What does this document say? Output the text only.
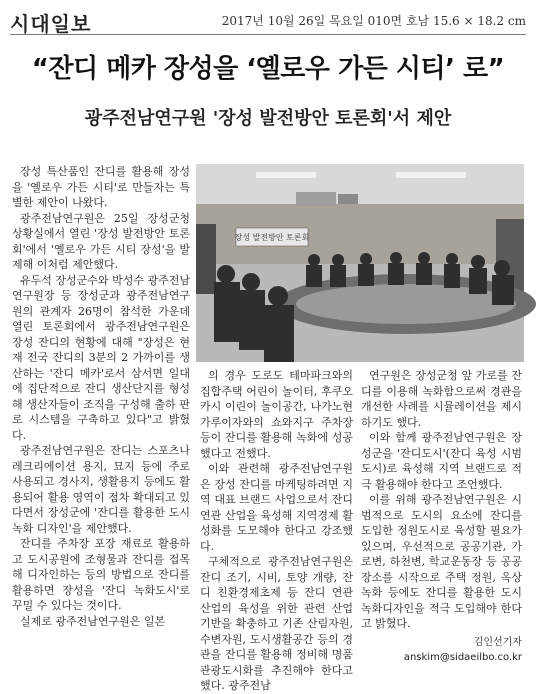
시대일보	2017년 10월 26일 목요일 010면 호남 15.6 × 18.2 cm
“잔디 메카 장성을 ‘옐로우 가든 시티’ 로”
광주전남연구원 '장성 발전방안 토론회'서 제안

장성 특산품인 잔디를 활용해 장성을 '옐로우 가든 시티'로 만들자는 특별한 제안이 나왔다.

광주전남연구원은 25일 장성군청 상황실에서 열린 '장성 발전방안 토론회'에서 '옐로우 가든 시티 장성'을 발제해 이처럼 제안했다.

유두석 장성군수와 박성수 광주전남연구원장 등 장성군과 광주전남연구원의 관계자 26명이 참석한 가운데 열린 토론회에서 광주전남연구원은 장성 잔디의 현황에 대해 "장성은 현재 전국 잔디의 3분의 2 가까이를 생산하는 '잔디 메카'로서 삼서면 일대에 집단적으로 잔디 생산단지를 형성해 생산자들이 조직을 구성해 출하 판로 시스템을 구축하고 있다"고 밝혔다.

광주전남연구원은 잔디는 스포츠나 레크리에이션 용지, 묘지 등에 주로 사용되고 경사지, 생활용지 등에도 활용되어 활용 영역이 점차 확대되고 있다면서 장성군에 '잔디를 활용한 도시 녹화 디자인'을 제안했다.

잔디를 주차장 포장 재료로 활용하고 도시공원에 조형물과 잔디를 접목해 디자인하는 등의 방법으로 잔디를 활용하면 장성을 '잔디 녹화도시'로 꾸밀 수 있다는 것이다.

실제로 광주전남연구원은 일본

장성 발전방안 토론회

의 경우 도로도 테마파크와의 집합주택 어린이 놀이터, 후쿠오카시 이린이 놀이공간, 나가노현 가루이자와의 쇼와지구 주차장 등이 잔디를 활용해 녹화에 성공했다고 전했다.

이와 관련해 광주전남연구원은 장성 잔디를 마케팅하려면 지역 대표 브랜드 사업으로서 잔디 연관 산업을 육성해 지역경제 활성화를 도모해야 한다고 강조했다.

구체적으로 광주전남연구원은 잔디 조기, 시비, 토양 개량, 잔디 친환경제초제 등 잔디 연관 산업의 육성을 위한 관련 산업 기반을 확충하고 기존 산림자원, 수변자원, 도시생활공간 등의 경관을 잔디를 활용해 정비해 명품 관광도시화를 추진해야 한다고 했다. 광주전남

연구원은 장성군청 앞 가로를 잔디를 이용해 녹화함으로써 경관을 개선한 사례를 시뮬레이션을 제시하기도 했다.

이와 함께 광주전남연구원은 장성군을 '잔디도시'(잔디 육성 시범도시)로 육성해 지역 브랜드로 적극 활용해야 한다고 조언했다.

이를 위해 광주전남연구원은 시범적으로 도시의 요소에 잔디를 도입한 정원도시로 육성할 필요가 있으며, 우선적으로 공공기관, 가로변, 하천변, 학교운동장 등 공공장소를 시작으로 주택 정원, 옥상 녹화 등에도 잔디를 활용한 도시 녹화디자인을 적극 도입해야 한다고 밝혔다.

김인선기자 anskim@sidaeilbo.co.kr
